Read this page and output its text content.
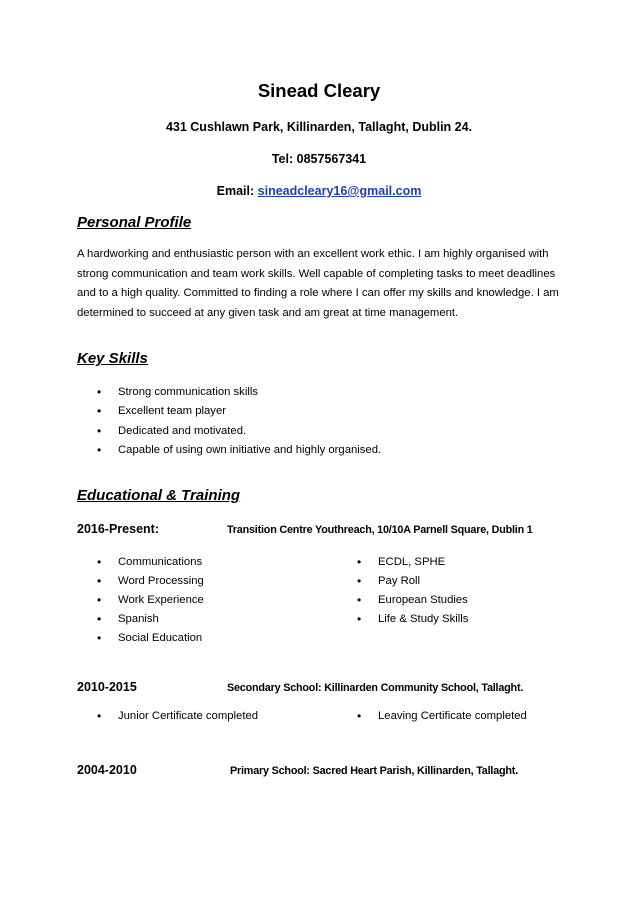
Sinead Cleary
431 Cushlawn Park, Killinarden, Tallaght, Dublin 24.
Tel: 0857567341
Email: sineadcleary16@gmail.com
Personal Profile

A hardworking and enthusiastic person with an excellent work ethic. I am highly organised with strong communication and team work skills. Well capable of completing tasks to meet deadlines and to a high quality. Committed to finding a role where I can offer my skills and knowledge. I am determined to succeed at any given task and am great at time management.

Key Skills
• Strong communication skills
• Excellent team player
• Dedicated and motivated.
• Capable of using own initiative and highly organised.
Educational & Training
2016-Present:	Transition Centre Youthreach, 10/10A Parnell Square, Dublin 1
• Communications
• Word Processing
• Work Experience
• Spanish
• Social Education
• ECDL, SPHE
• Pay Roll
• European Studies
• Life & Study Skills
2010-2015	Secondary School: Killinarden Community School, Tallaght.
• Junior Certificate completed
•	Leaving Certificate completed
2004-2010	Primary School: Sacred Heart Parish, Killinarden, Tallaght.
